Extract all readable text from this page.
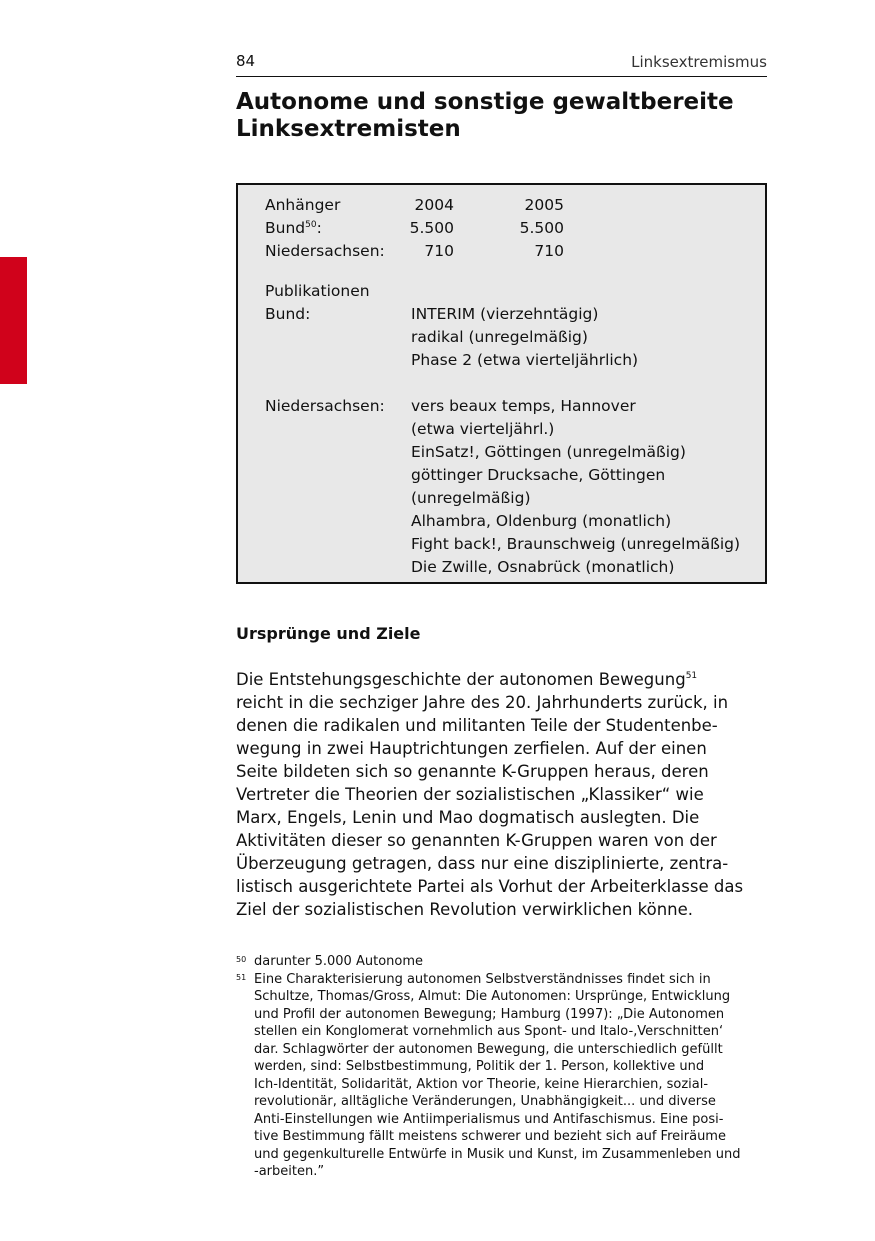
84	Linksextremismus
Autonome und sonstige gewaltbereite
Linksextremisten
Anhänger	2004	2005
Bund$^{50}$:	5.500	5.500
Niedersachsen:	710	710
Publikationen
Bund:	INTERIM (vierzehntägig)
radikal (unregelmäßig)
Phase 2 (etwa vierteljährlich)
Niedersachsen: vers beaux temps, Hannover
(etwa vierteljährl.)
EinSatz!, Göttingen (unregelmäßig)
göttinger Drucksache, Göttingen
(unregelmäßig)
Alhambra, Oldenburg (monatlich)
Fight back!, Braunschweig (unregelmäßig)
Die Zwille, Osnabrück (monatlich)
Ursprünge und Ziele
Die Entstehungsgeschichte der autonomen Bewegung$^{51}$
reicht in die sechziger Jahre des 20. Jahrhunderts zurück, in
denen die radikalen und militanten Teile der Studentenbe-
wegung in zwei Hauptrichtungen zerfielen. Auf der einen
Seite bildeten sich so genannte K-Gruppen heraus, deren
Vertreter die Theorien der sozialistischen „Klassiker“ wie
Marx, Engels, Lenin und Mao dogmatisch auslegten. Die
Aktivitäten dieser so genannten K-Gruppen waren von der
Überzeugung getragen, dass nur eine disziplinierte, zentra-
listisch ausgerichtete Partei als Vorhut der Arbeiterklasse das
Ziel der sozialistischen Revolution verwirklichen könne.
50 darunter 5.000 Autonome
51 Eine Charakterisierung autonomen Selbstverständnisses findet sich in
Schultze, Thomas/Gross, Almut: Die Autonomen: Ursprünge, Entwicklung
und Profil der autonomen Bewegung; Hamburg (1997): „Die Autonomen
stellen ein Konglomerat vornehmlich aus Spont- und Italo-‚Verschnitten‘
dar. Schlagwörter der autonomen Bewegung, die unterschiedlich gefüllt
werden, sind: Selbstbestimmung, Politik der 1. Person, kollektive und
Ich-Identität, Solidarität, Aktion vor Theorie, keine Hierarchien, sozial-
revolutionär, alltägliche Veränderungen, Unabhängigkeit... und diverse
Anti-Einstellungen wie Antiimperialismus und Antifaschismus. Eine posi-
tive Bestimmung fällt meistens schwerer und bezieht sich auf Freiräume
und gegenkulturelle Entwürfe in Musik und Kunst, im Zusammenleben und
-arbeiten.”
